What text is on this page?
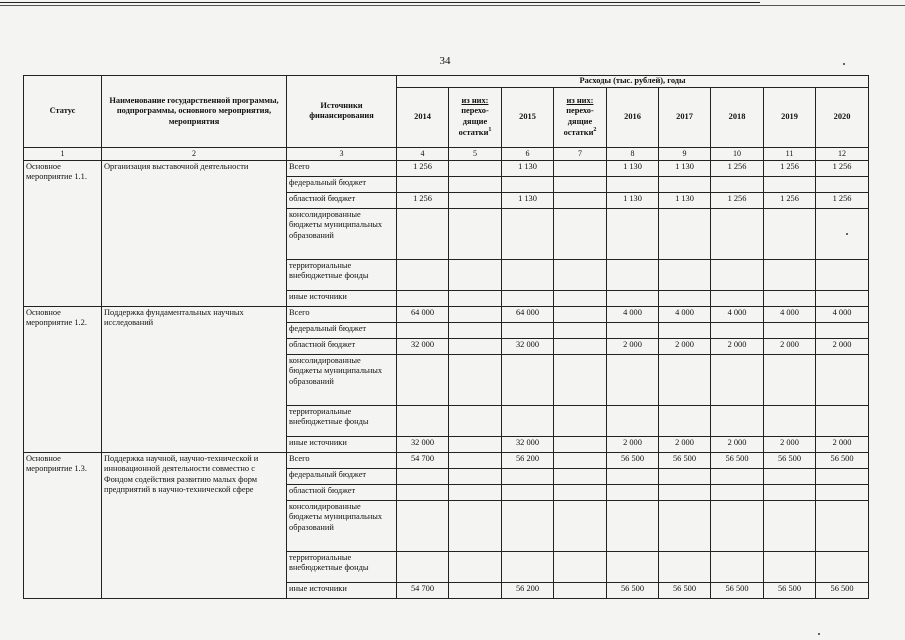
34
Статус	Наименование государственной программы, подпрограммы, основного мероприятия, мероприятия	Источники финансирования	Расходы (тыс. рублей), годы								
			2014	из них:
перехо-
дящие
остатки$^1$	2015	из них:
перехо-
дящие
остатки$^2$	2016	2017	2018	2019	2020
1	2	3	4	5	6	7	8	9	10	11	12
Основное мероприятие 1.1.	Организация выставочной деятельности	Всего	1 256		1 130		1 130	1 130	1 256	1 256	1 256
		федеральный бюджет									
		областной бюджет	1 256		1 130		1 130	1 130	1 256	1 256	1 256
		консолидированные бюджеты муниципальных образований									
		территориальные внебюджетные фонды									
		иные источники									
Основное мероприятие 1.2.	Поддержка фундаментальных научных исследований	Всего	64 000		64 000		4 000	4 000	4 000	4 000	4 000
		федеральный бюджет									
		областной бюджет	32 000		32 000		2 000	2 000	2 000	2 000	2 000
		консолидированные бюджеты муниципальных образований									
		территориальные внебюджетные фонды									
		иные источники	32 000		32 000		2 000	2 000	2 000	2 000	2 000
Основное мероприятие 1.3.	Поддержка научной, научно-технической и инновационной деятельности совместно с Фондом содействия развитию малых форм предприятий в научно-технической сфере	Всего	54 700		56 200		56 500	56 500	56 500	56 500	56 500
		федеральный бюджет									
		областной бюджет									
		консолидированные бюджеты муниципальных образований									
		территориальные внебюджетные фонды									
		иные источники	54 700		56 200		56 500	56 500	56 500	56 500	56 500
